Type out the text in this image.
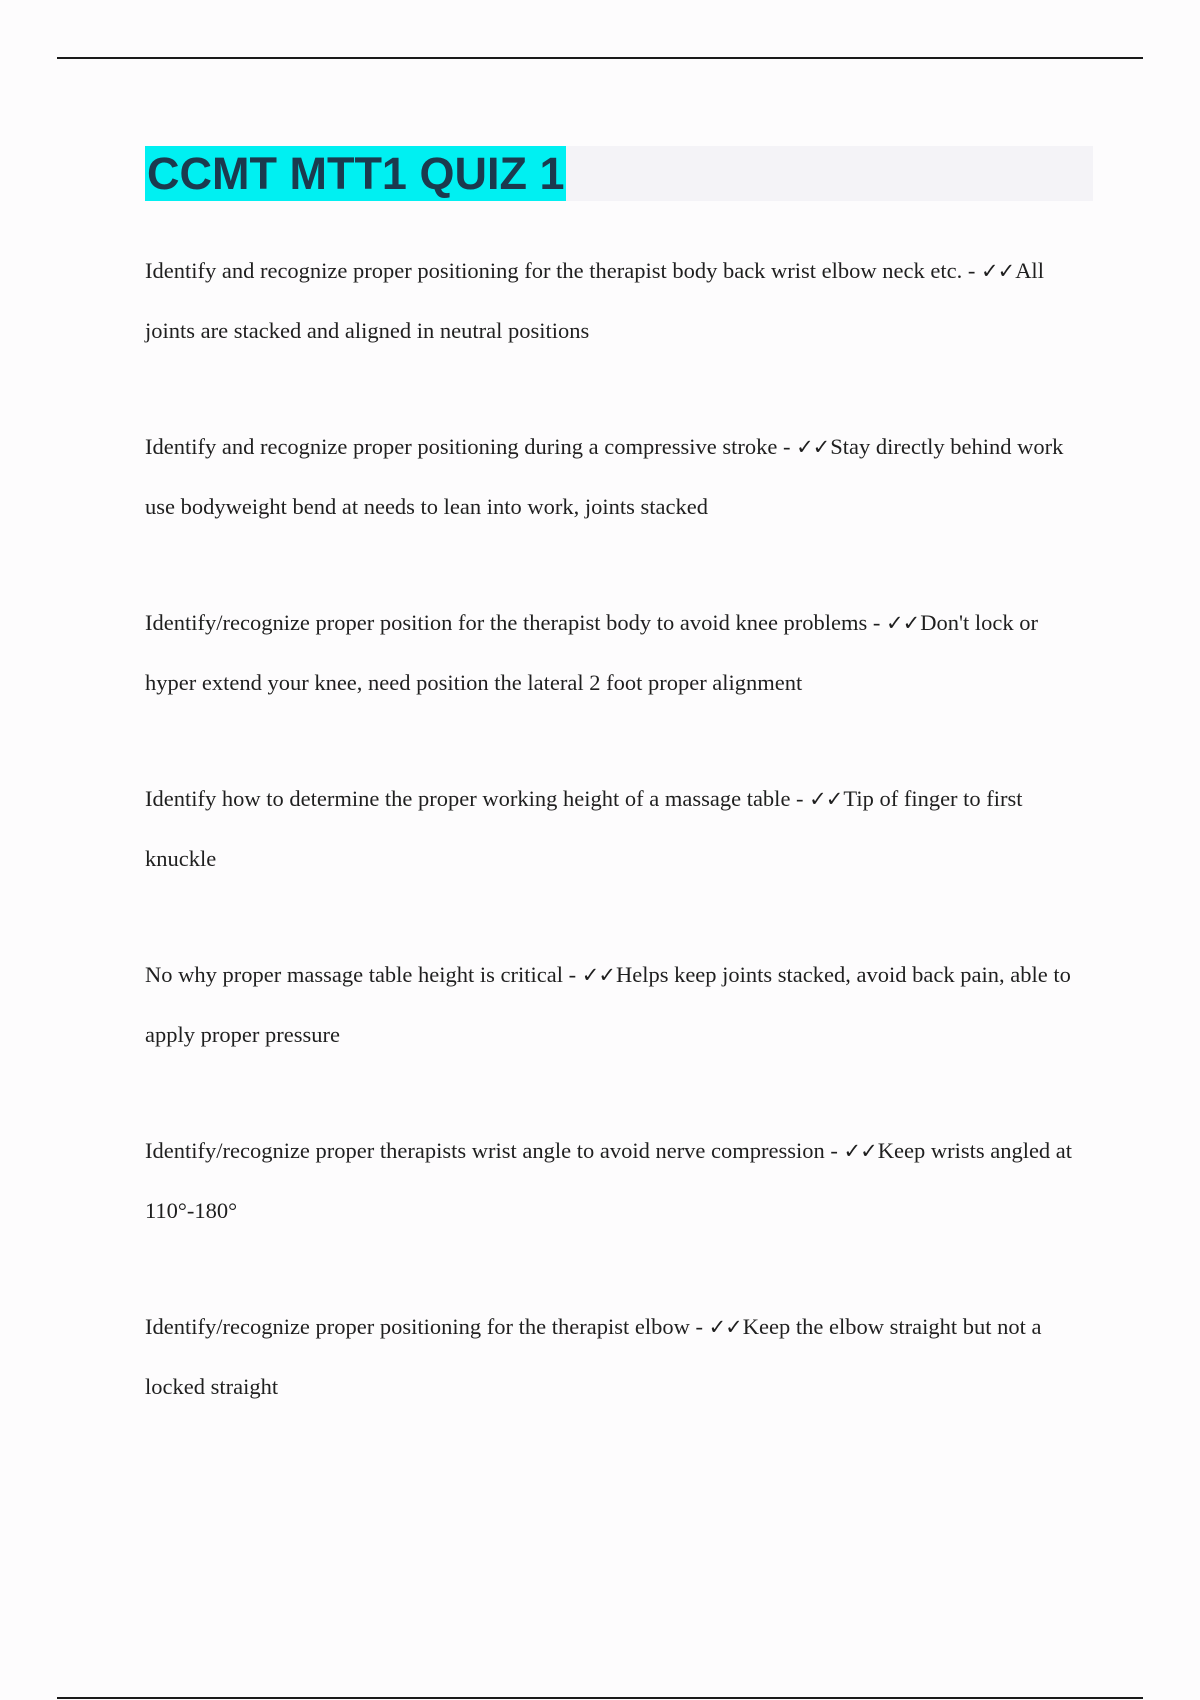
CCMT MTT1 QUIZ 1

Identify and recognize proper positioning for the therapist body back wrist elbow neck etc. - ✓✓All joints are stacked and aligned in neutral positions

Identify and recognize proper positioning during a compressive stroke - ✓✓Stay directly behind work use bodyweight bend at needs to lean into work, joints stacked

Identify/recognize proper position for the therapist body to avoid knee problems - ✓✓Don't lock or hyper extend your knee, need position the lateral 2 foot proper alignment

Identify how to determine the proper working height of a massage table - ✓✓Tip of finger to first knuckle

No why proper massage table height is critical - ✓✓Helps keep joints stacked, avoid back pain, able to apply proper pressure

Identify/recognize proper therapists wrist angle to avoid nerve compression - ✓✓Keep wrists angled at 110°-180°

Identify/recognize proper positioning for the therapist elbow - ✓✓Keep the elbow straight but not a locked straight
